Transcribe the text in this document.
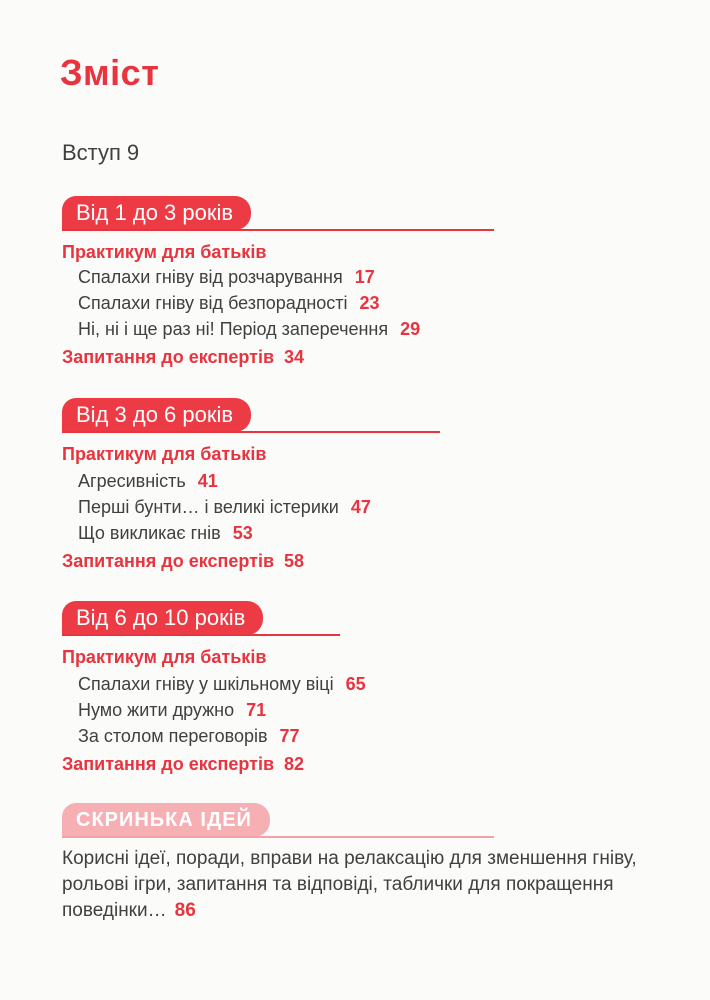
Зміст
Вступ 9
Від 1 до 3 років
Практикум для батьків
Спалахи гніву від розчарування 17
Спалахи гніву від безпорадності 23
Ні, ні і ще раз ні! Період заперечення 29
Запитання до експертів 34
Від 3 до 6 років
Практикум для батьків
Агресивність 41
Перші бунти… і великі істерики 47
Що викликає гнів 53
Запитання до експертів 58
Від 6 до 10 років
Практикум для батьків
Спалахи гніву у шкільному віці 65
Нумо жити дружно 71
За столом переговорів 77
Запитання до експертів 82
СКРИНЬКА ІДЕЙ
Корисні ідеї, поради, вправи на релаксацію для зменшення гніву, рольові ігри, запитання та відповіді, таблички для покращення поведінки… 86
